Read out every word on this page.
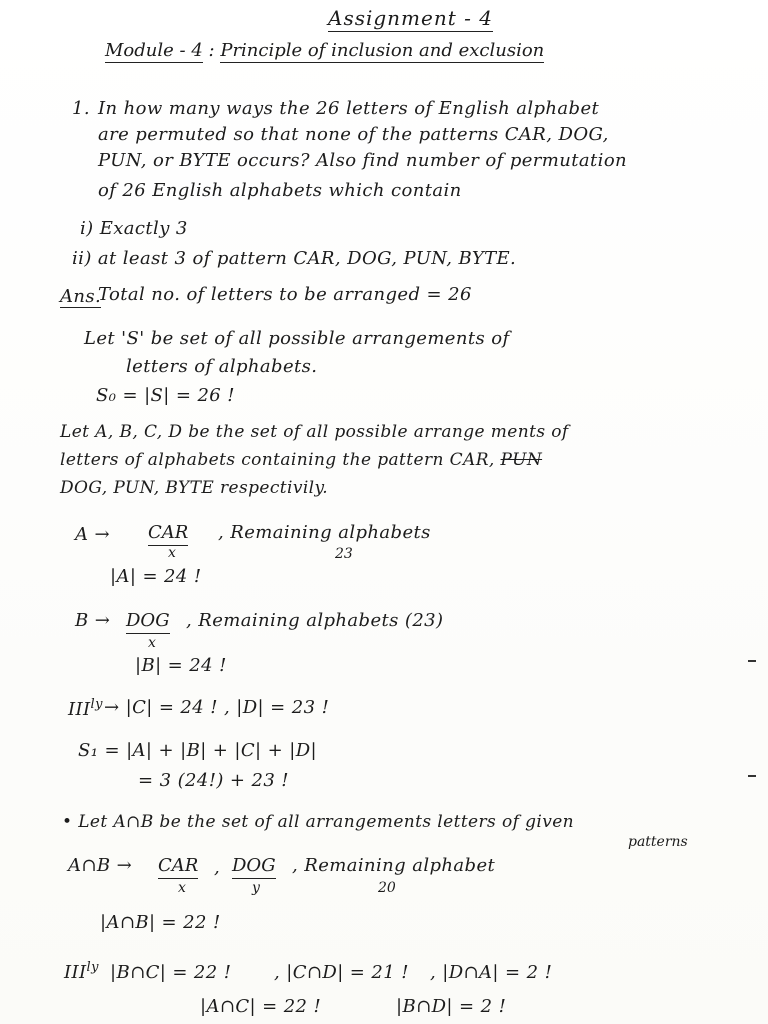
Assignment - 4
Module - 4 : Principle of inclusion and exclusion
1. In how many ways the 26 letters of English alphabet
are permuted so that none of the patterns CAR, DOG,
PUN, or BYTE occurs? Also find number of permutation
of 26 English alphabets which contain
i) Exactly 3
ii) at least 3 of pattern CAR, DOG, PUN, BYTE.
Ans.
Total no. of letters to be arranged = 26
Let 'S' be set of all possible arrangements of
letters of alphabets.
S₀ = |S| = 26 !
Let A, B, C, D be the set of all possible arrange ments of
letters of alphabets containing the pattern CAR, PUN
DOG, PUN, BYTE respectivily.
A → CAR
x
, Remaining alphabets
23
|A| = 24 !
B → DOG
x
, Remaining alphabets (23)
|B| = 24 !
$III^{ly} \to |C| = 24$ ! , |D| = 23 !
S₁ = |A| + |B| + |C| + |D|
= 3 (24!) + 23 !
• Let A∩B be the set of all arrangements letters of given
patterns
A∩B → CAR
x
, DOG
y
, Remaining alphabet
20
|A∩B| = 22 !
$III^{ly}$ |B∩C| = 22 ! , |C∩D| = 21 ! , |D∩A| = 2 !
|A∩C| = 22 !	|B∩D| = 2 !
